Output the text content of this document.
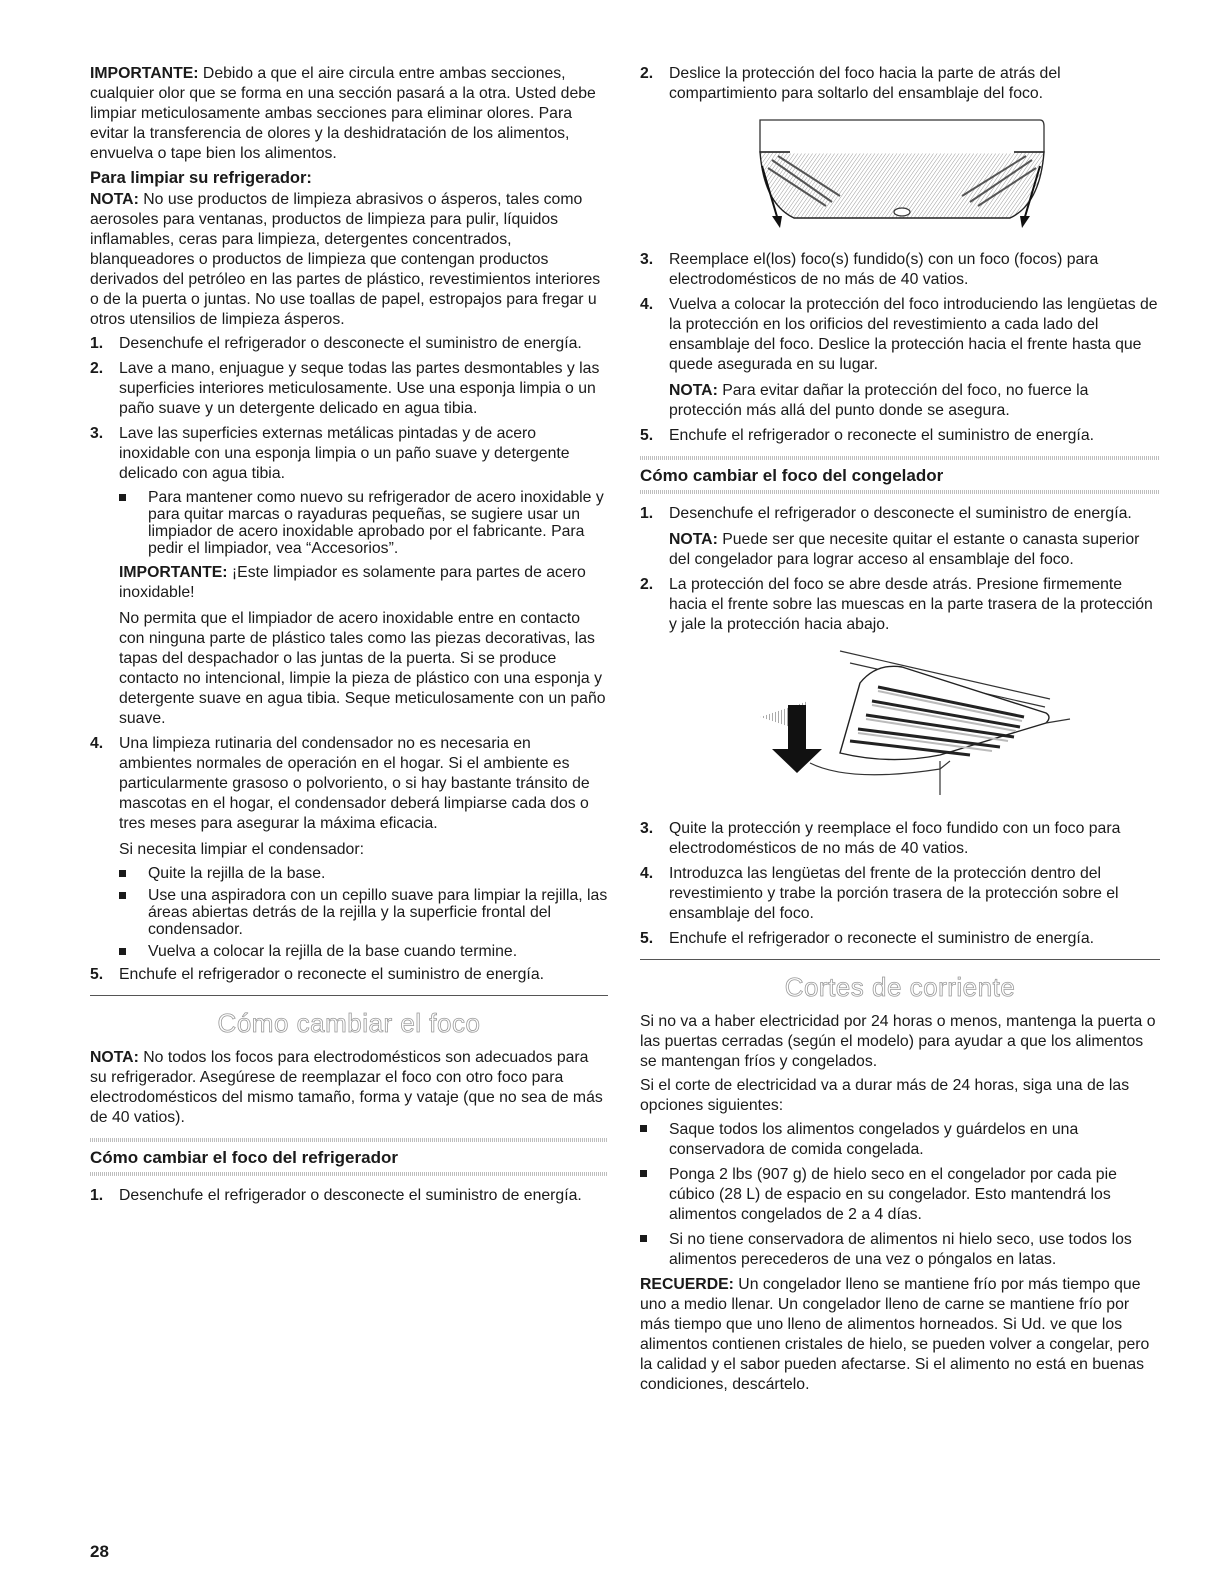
IMPORTANTE: Debido a que el aire circula entre ambas secciones, cualquier olor que se forma en una sección pasará a la otra. Usted debe limpiar meticulosamente ambas secciones para eliminar olores. Para evitar la transferencia de olores y la deshidratación de los alimentos, envuelva o tape bien los alimentos.

Para limpiar su refrigerador:

NOTA: No use productos de limpieza abrasivos o ásperos, tales como aerosoles para ventanas, productos de limpieza para pulir, líquidos inflamables, ceras para limpieza, detergentes concentrados, blanqueadores o productos de limpieza que contengan productos derivados del petróleo en las partes de plástico, revestimientos interiores o de la puerta o juntas. No use toallas de papel, estropajos para fregar u otros utensilios de limpieza ásperos.

1. Desenchufe el refrigerador o desconecte el suministro de energía.
2. Lave a mano, enjuague y seque todas las partes desmontables y las superficies interiores meticulosamente. Use una esponja limpia o un paño suave y un detergente delicado en agua tibia.
3. Lave las superficies externas metálicas pintadas y de acero inoxidable con una esponja limpia o un paño suave y detergente delicado con agua tibia.
Para mantener como nuevo su refrigerador de acero inoxidable y para quitar marcas o rayaduras pequeñas, se sugiere usar un limpiador de acero inoxidable aprobado por el fabricante. Para pedir el limpiador, vea “Accesorios”.

IMPORTANTE: ¡Este limpiador es solamente para partes de acero inoxidable!

No permita que el limpiador de acero inoxidable entre en contacto con ninguna parte de plástico tales como las piezas decorativas, las tapas del despachador o las juntas de la puerta. Si se produce contacto no intencional, limpie la pieza de plástico con una esponja y detergente suave en agua tibia. Seque meticulosamente con un paño suave.

4. Una limpieza rutinaria del condensador no es necesaria en ambientes normales de operación en el hogar. Si el ambiente es particularmente grasoso o polvoriento, o si hay bastante tránsito de mascotas en el hogar, el condensador deberá limpiarse cada dos o tres meses para asegurar la máxima eficacia.

Si necesita limpiar el condensador:

Quite la rejilla de la base.
Use una aspiradora con un cepillo suave para limpiar la rejilla, las áreas abiertas detrás de la rejilla y la superficie frontal del condensador.
Vuelva a colocar la rejilla de la base cuando termine.
5. Enchufe el refrigerador o reconecte el suministro de energía.
Cómo cambiar el foco

NOTA: No todos los focos para electrodomésticos son adecuados para su refrigerador. Asegúrese de reemplazar el foco con otro foco para electrodomésticos del mismo tamaño, forma y vataje (que no sea de más de 40 vatios).

Cómo cambiar el foco del refrigerador
1. Desenchufe el refrigerador o desconecte el suministro de energía.
2. Deslice la protección del foco hacia la parte de atrás del compartimiento para soltarlo del ensamblaje del foco.
3. Reemplace el(los) foco(s) fundido(s) con un foco (focos) para electrodomésticos de no más de 40 vatios.
4. Vuelva a colocar la protección del foco introduciendo las lengüetas de la protección en los orificios del revestimiento a cada lado del ensamblaje del foco. Deslice la protección hacia el frente hasta que quede asegurada en su lugar.

NOTA: Para evitar dañar la protección del foco, no fuerce la protección más allá del punto donde se asegura.

5. Enchufe el refrigerador o reconecte el suministro de energía.
Cómo cambiar el foco del congelador
1. Desenchufe el refrigerador o desconecte el suministro de energía.

NOTA: Puede ser que necesite quitar el estante o canasta superior del congelador para lograr acceso al ensamblaje del foco.

2. La protección del foco se abre desde atrás. Presione firmemente hacia el frente sobre las muescas en la parte trasera de la protección y jale la protección hacia abajo.
3. Quite la protección y reemplace el foco fundido con un foco para electrodomésticos de no más de 40 vatios.
4. Introduzca las lengüetas del frente de la protección dentro del revestimiento y trabe la porción trasera de la protección sobre el ensamblaje del foco.
5. Enchufe el refrigerador o reconecte el suministro de energía.
Cortes de corriente

Si no va a haber electricidad por 24 horas o menos, mantenga la puerta o las puertas cerradas (según el modelo) para ayudar a que los alimentos se mantengan fríos y congelados.

Si el corte de electricidad va a durar más de 24 horas, siga una de las opciones siguientes:

Saque todos los alimentos congelados y guárdelos en una conservadora de comida congelada.
Ponga 2 lbs (907 g) de hielo seco en el congelador por cada pie cúbico (28 L) de espacio en su congelador. Esto mantendrá los alimentos congelados de 2 a 4 días.
Si no tiene conservadora de alimentos ni hielo seco, use todos los alimentos perecederos de una vez o póngalos en latas.

RECUERDE: Un congelador lleno se mantiene frío por más tiempo que uno a medio llenar. Un congelador lleno de carne se mantiene frío por más tiempo que uno lleno de alimentos horneados. Si Ud. ve que los alimentos contienen cristales de hielo, se pueden volver a congelar, pero la calidad y el sabor pueden afectarse. Si el alimento no está en buenas condiciones, descártelo.

28
